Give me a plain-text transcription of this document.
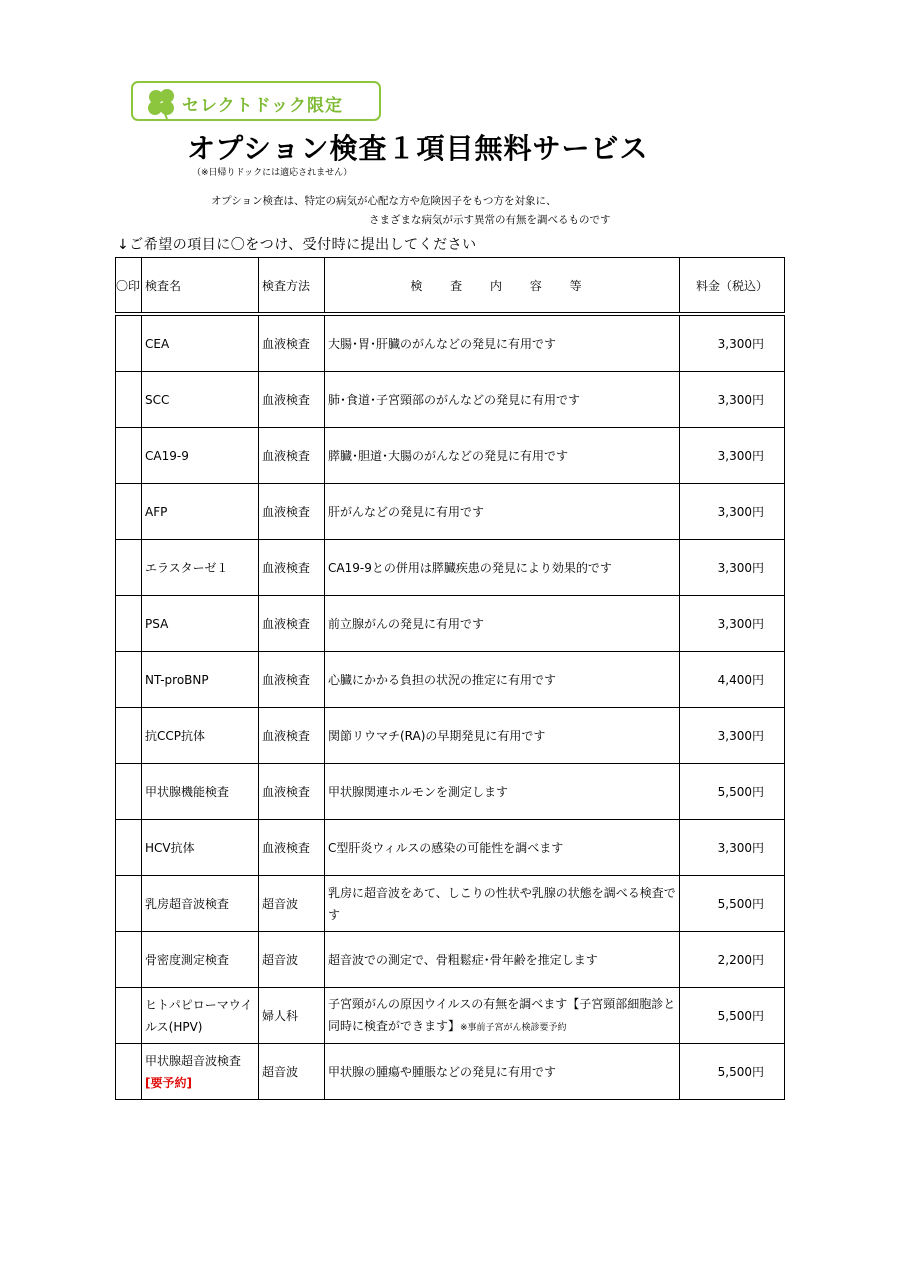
セレクトドック限定
オプション検査１項目無料サービス
（※日帰りドックには適応されません）
オプション検査は、特定の病気が心配な方や危険因子をもつ方を対象に、
さまざまな病気が示す異常の有無を調べるものです
↓ご希望の項目に〇をつけ、受付時に提出してください
〇印	検査名	検査方法	検 査 内 容 等	料金（税込）
	CEA	血液検査	大腸･胃･肝臓のがんなどの発見に有用です	3,300円
	SCC	血液検査	肺･食道･子宮頸部のがんなどの発見に有用です	3,300円
	CA19-9	血液検査	膵臓･胆道･大腸のがんなどの発見に有用です	3,300円
	AFP	血液検査	肝がんなどの発見に有用です	3,300円
	エラスターゼ１	血液検査	CA19-9との併用は膵臓疾患の発見により効果的です	3,300円
	PSA	血液検査	前立腺がんの発見に有用です	3,300円
	NT-proBNP	血液検査	心臓にかかる負担の状況の推定に有用です	4,400円
	抗CCP抗体	血液検査	関節リウマチ(RA)の早期発見に有用です	3,300円
	甲状腺機能検査	血液検査	甲状腺関連ホルモンを測定します	5,500円
	HCV抗体	血液検査	C型肝炎ウィルスの感染の可能性を調べます	3,300円
	乳房超音波検査	超音波	乳房に超音波をあて、しこりの性状や乳腺の状態を調べる検査です	5,500円
	骨密度測定検査	超音波	超音波での測定で、骨粗鬆症･骨年齢を推定します	2,200円
	ヒトパピローマウイルス(HPV)	婦人科	子宮頸がんの原因ウイルスの有無を調べます【子宮頸部細胞診と同時に検査ができます】※事前子宮がん検診要予約	5,500円
	甲状腺超音波検査
[要予約]	超音波	甲状腺の腫瘍や腫脹などの発見に有用です	5,500円
